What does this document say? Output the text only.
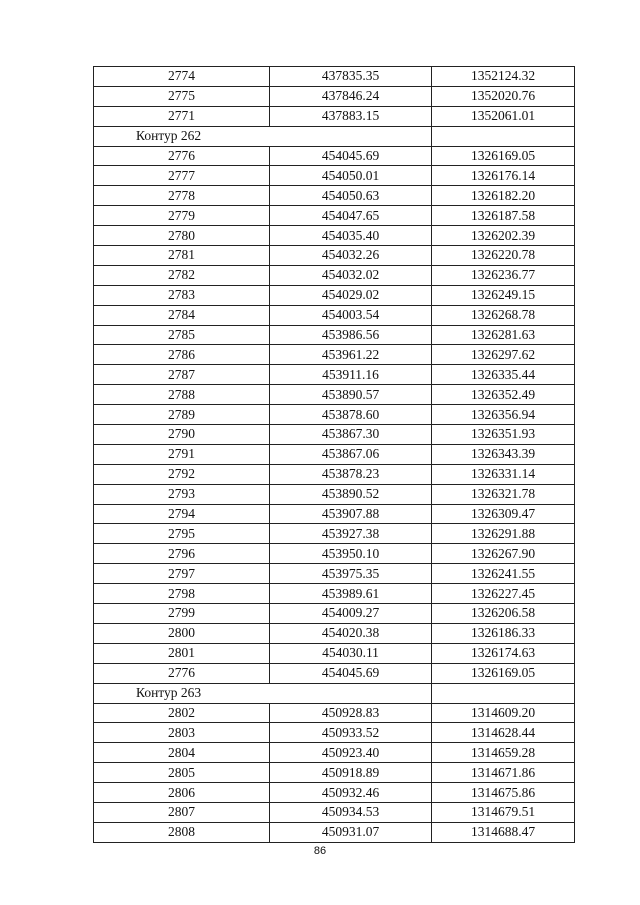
2774	437835.35	1352124.32
2775	437846.24	1352020.76
2771	437883.15	1352061.01
Контур 262		
2776	454045.69	1326169.05
2777	454050.01	1326176.14
2778	454050.63	1326182.20
2779	454047.65	1326187.58
2780	454035.40	1326202.39
2781	454032.26	1326220.78
2782	454032.02	1326236.77
2783	454029.02	1326249.15
2784	454003.54	1326268.78
2785	453986.56	1326281.63
2786	453961.22	1326297.62
2787	453911.16	1326335.44
2788	453890.57	1326352.49
2789	453878.60	1326356.94
2790	453867.30	1326351.93
2791	453867.06	1326343.39
2792	453878.23	1326331.14
2793	453890.52	1326321.78
2794	453907.88	1326309.47
2795	453927.38	1326291.88
2796	453950.10	1326267.90
2797	453975.35	1326241.55
2798	453989.61	1326227.45
2799	454009.27	1326206.58
2800	454020.38	1326186.33
2801	454030.11	1326174.63
2776	454045.69	1326169.05
Контур 263		
2802	450928.83	1314609.20
2803	450933.52	1314628.44
2804	450923.40	1314659.28
2805	450918.89	1314671.86
2806	450932.46	1314675.86
2807	450934.53	1314679.51
2808	450931.07	1314688.47
86
